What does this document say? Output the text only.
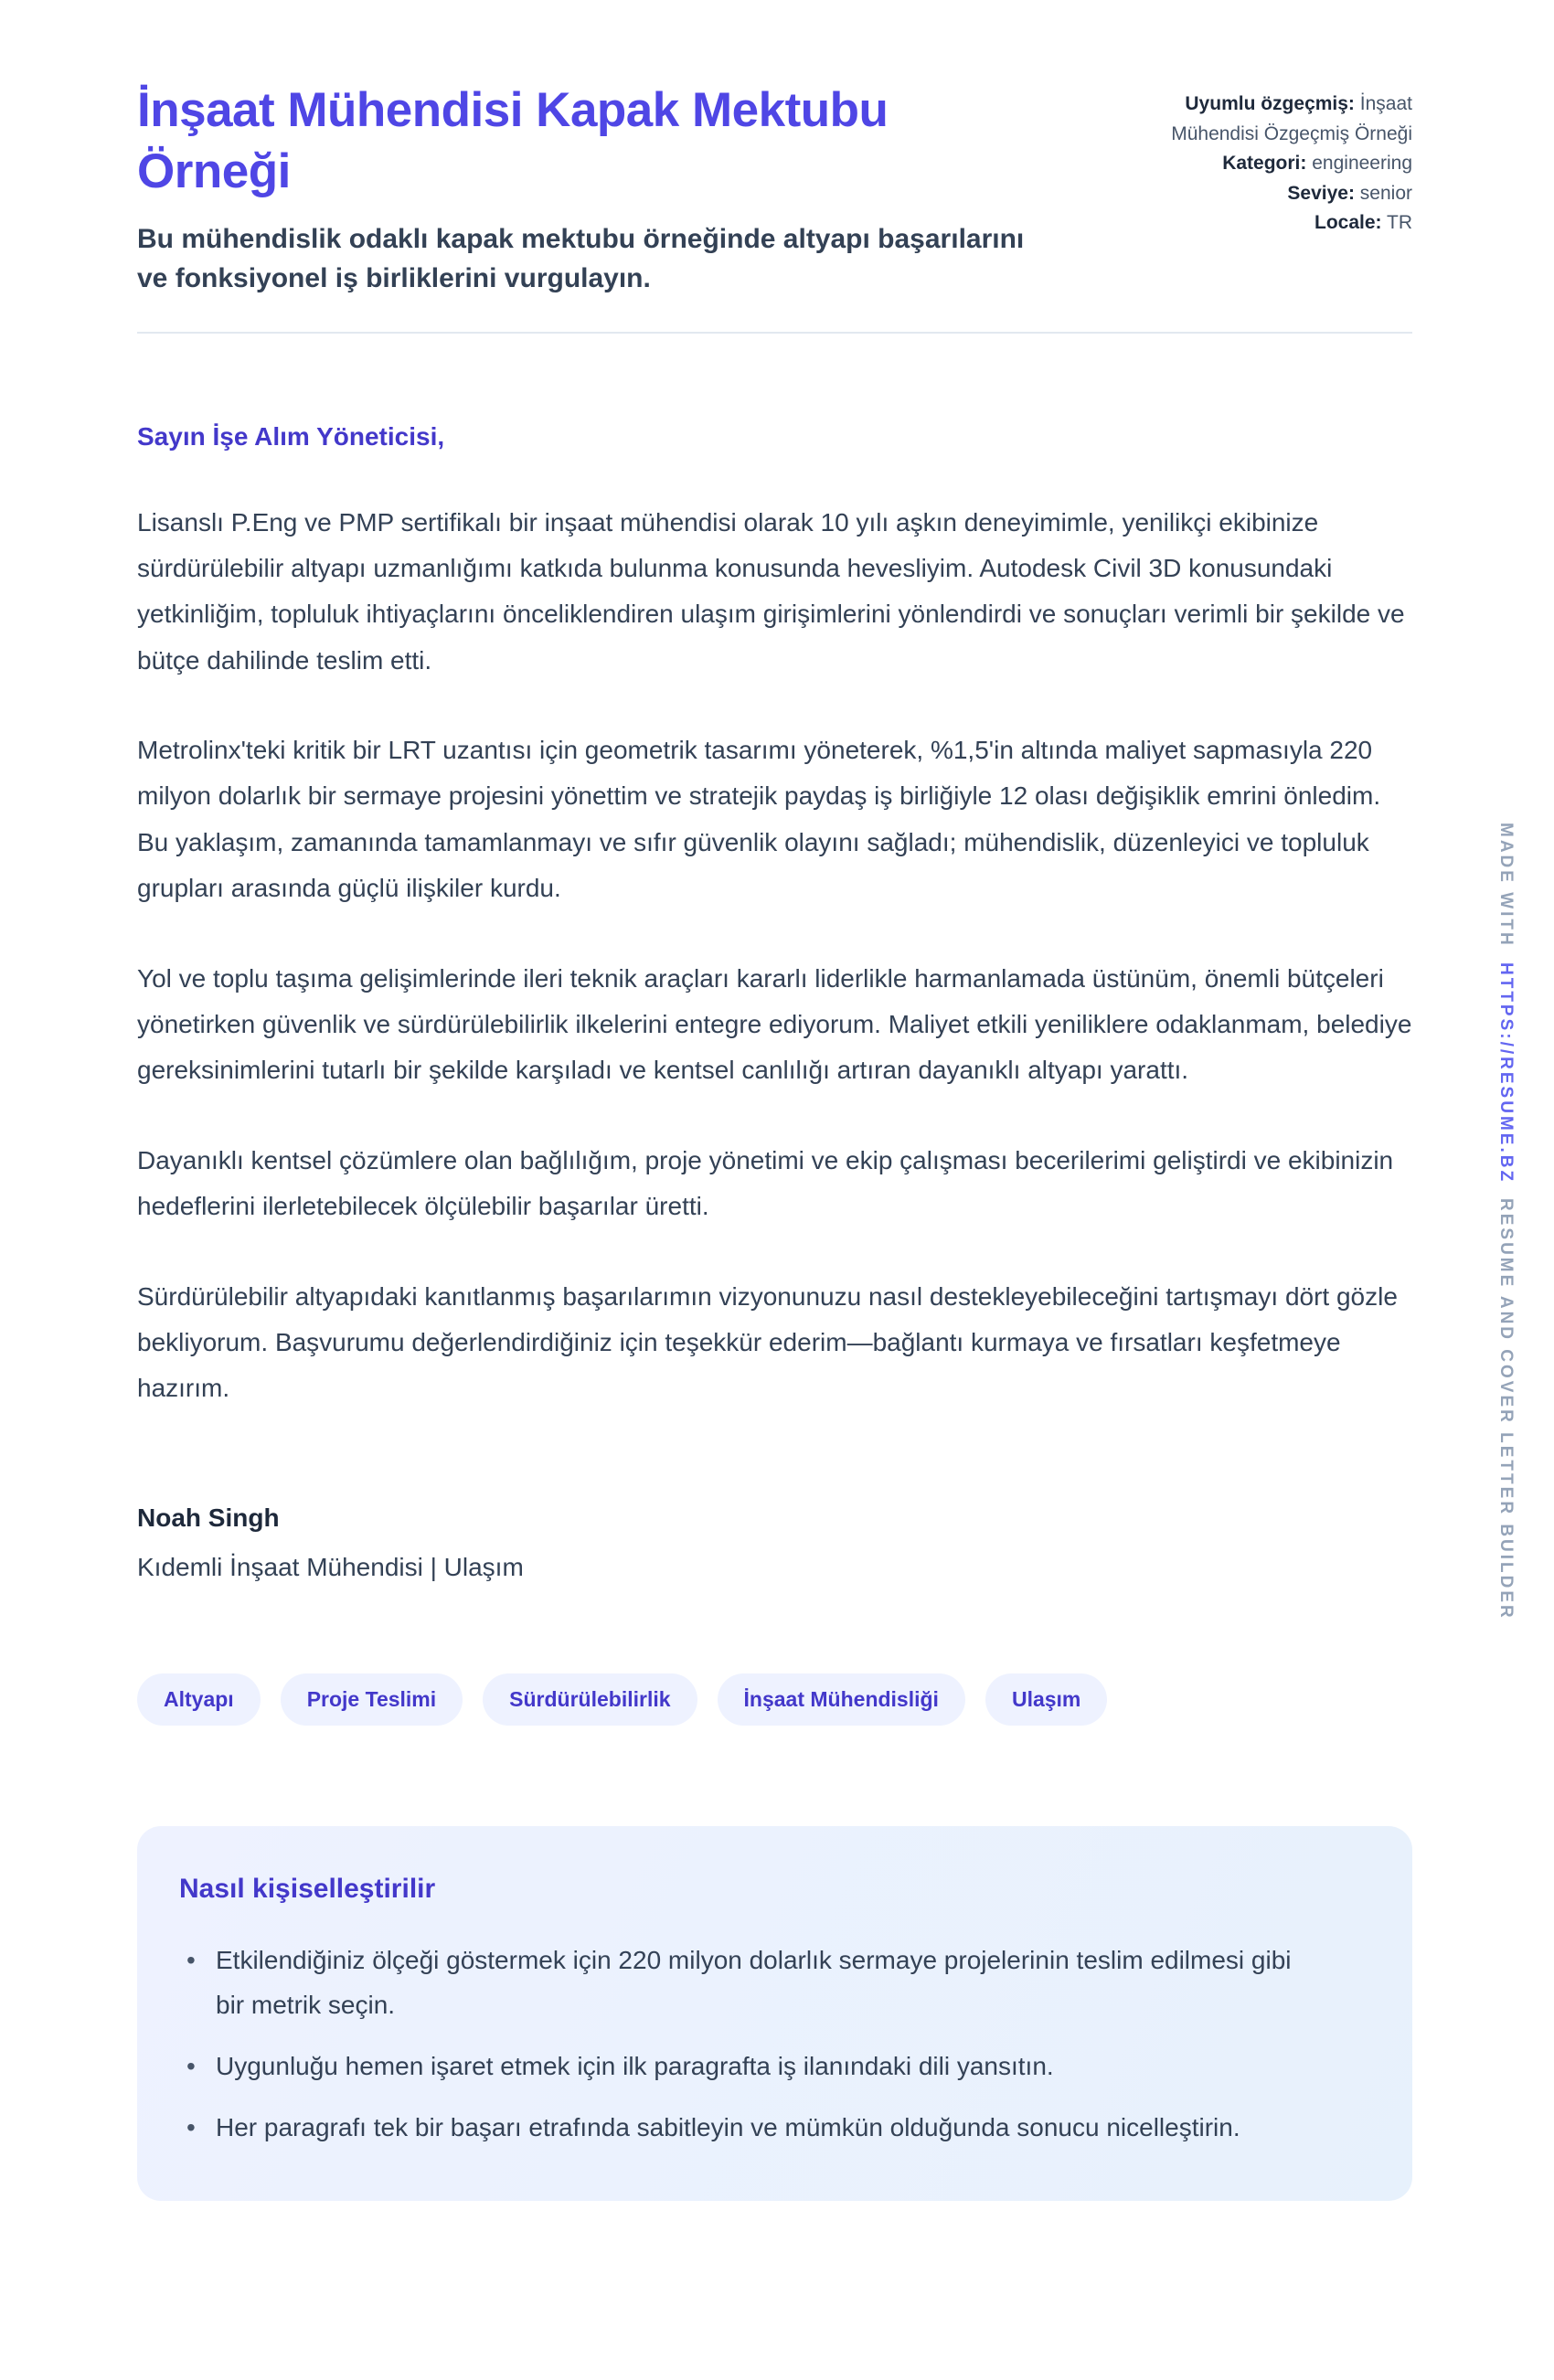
İnşaat Mühendisi Kapak Mektubu Örneği

Bu mühendislik odaklı kapak mektubu örneğinde altyapı başarılarını ve fonksiyonel iş birliklerini vurgulayın.

Uyumlu özgeçmiş: İnşaat Mühendisi Özgeçmiş Örneği

Kategori: engineering

Seviye: senior

Locale: TR

Sayın İşe Alım Yöneticisi,

Lisanslı P.Eng ve PMP sertifikalı bir inşaat mühendisi olarak 10 yılı aşkın deneyimimle, yenilikçi ekibinize sürdürülebilir altyapı uzmanlığımı katkıda bulunma konusunda hevesliyim. Autodesk Civil 3D konusundaki yetkinliğim, topluluk ihtiyaçlarını önceliklendiren ulaşım girişimlerini yönlendirdi ve sonuçları verimli bir şekilde ve bütçe dahilinde teslim etti.

Metrolinx'teki kritik bir LRT uzantısı için geometrik tasarımı yöneterek, %1,5'in altında maliyet sapmasıyla 220 milyon dolarlık bir sermaye projesini yönettim ve stratejik paydaş iş birliğiyle 12 olası değişiklik emrini önledim. Bu yaklaşım, zamanında tamamlanmayı ve sıfır güvenlik olayını sağladı; mühendislik, düzenleyici ve topluluk grupları arasında güçlü ilişkiler kurdu.

Yol ve toplu taşıma gelişimlerinde ileri teknik araçları kararlı liderlikle harmanlamada üstünüm, önemli bütçeleri yönetirken güvenlik ve sürdürülebilirlik ilkelerini entegre ediyorum. Maliyet etkili yeniliklere odaklanmam, belediye gereksinimlerini tutarlı bir şekilde karşıladı ve kentsel canlılığı artıran dayanıklı altyapı yarattı.

Dayanıklı kentsel çözümlere olan bağlılığım, proje yönetimi ve ekip çalışması becerilerimi geliştirdi ve ekibinizin hedeflerini ilerletebilecek ölçülebilir başarılar üretti.

Sürdürülebilir altyapıdaki kanıtlanmış başarılarımın vizyonunuzu nasıl destekleyebileceğini tartışmayı dört gözle bekliyorum. Başvurumu değerlendirdiğiniz için teşekkür ederim—bağlantı kurmaya ve fırsatları keşfetmeye hazırım.

Noah Singh

Kıdemli İnşaat Mühendisi | Ulaşım

Altyapı	Proje Teslimi	Sürdürülebilirlik	İnşaat Mühendisliği	Ulaşım
Nasıl kişiselleştirilir
• Etkilendiğiniz ölçeği göstermek için 220 milyon dolarlık sermaye projelerinin teslim edilmesi gibi bir metrik seçin.
• Uygunluğu hemen işaret etmek için ilk paragrafta iş ilanındaki dili yansıtın.
• Her paragrafı tek bir başarı etrafında sabitleyin ve mümkün olduğunda sonucu nicelleştirin.
MADE WITH
HTTPS://RESUME.BZ
RESUME AND COVER LETTER BUILDER
